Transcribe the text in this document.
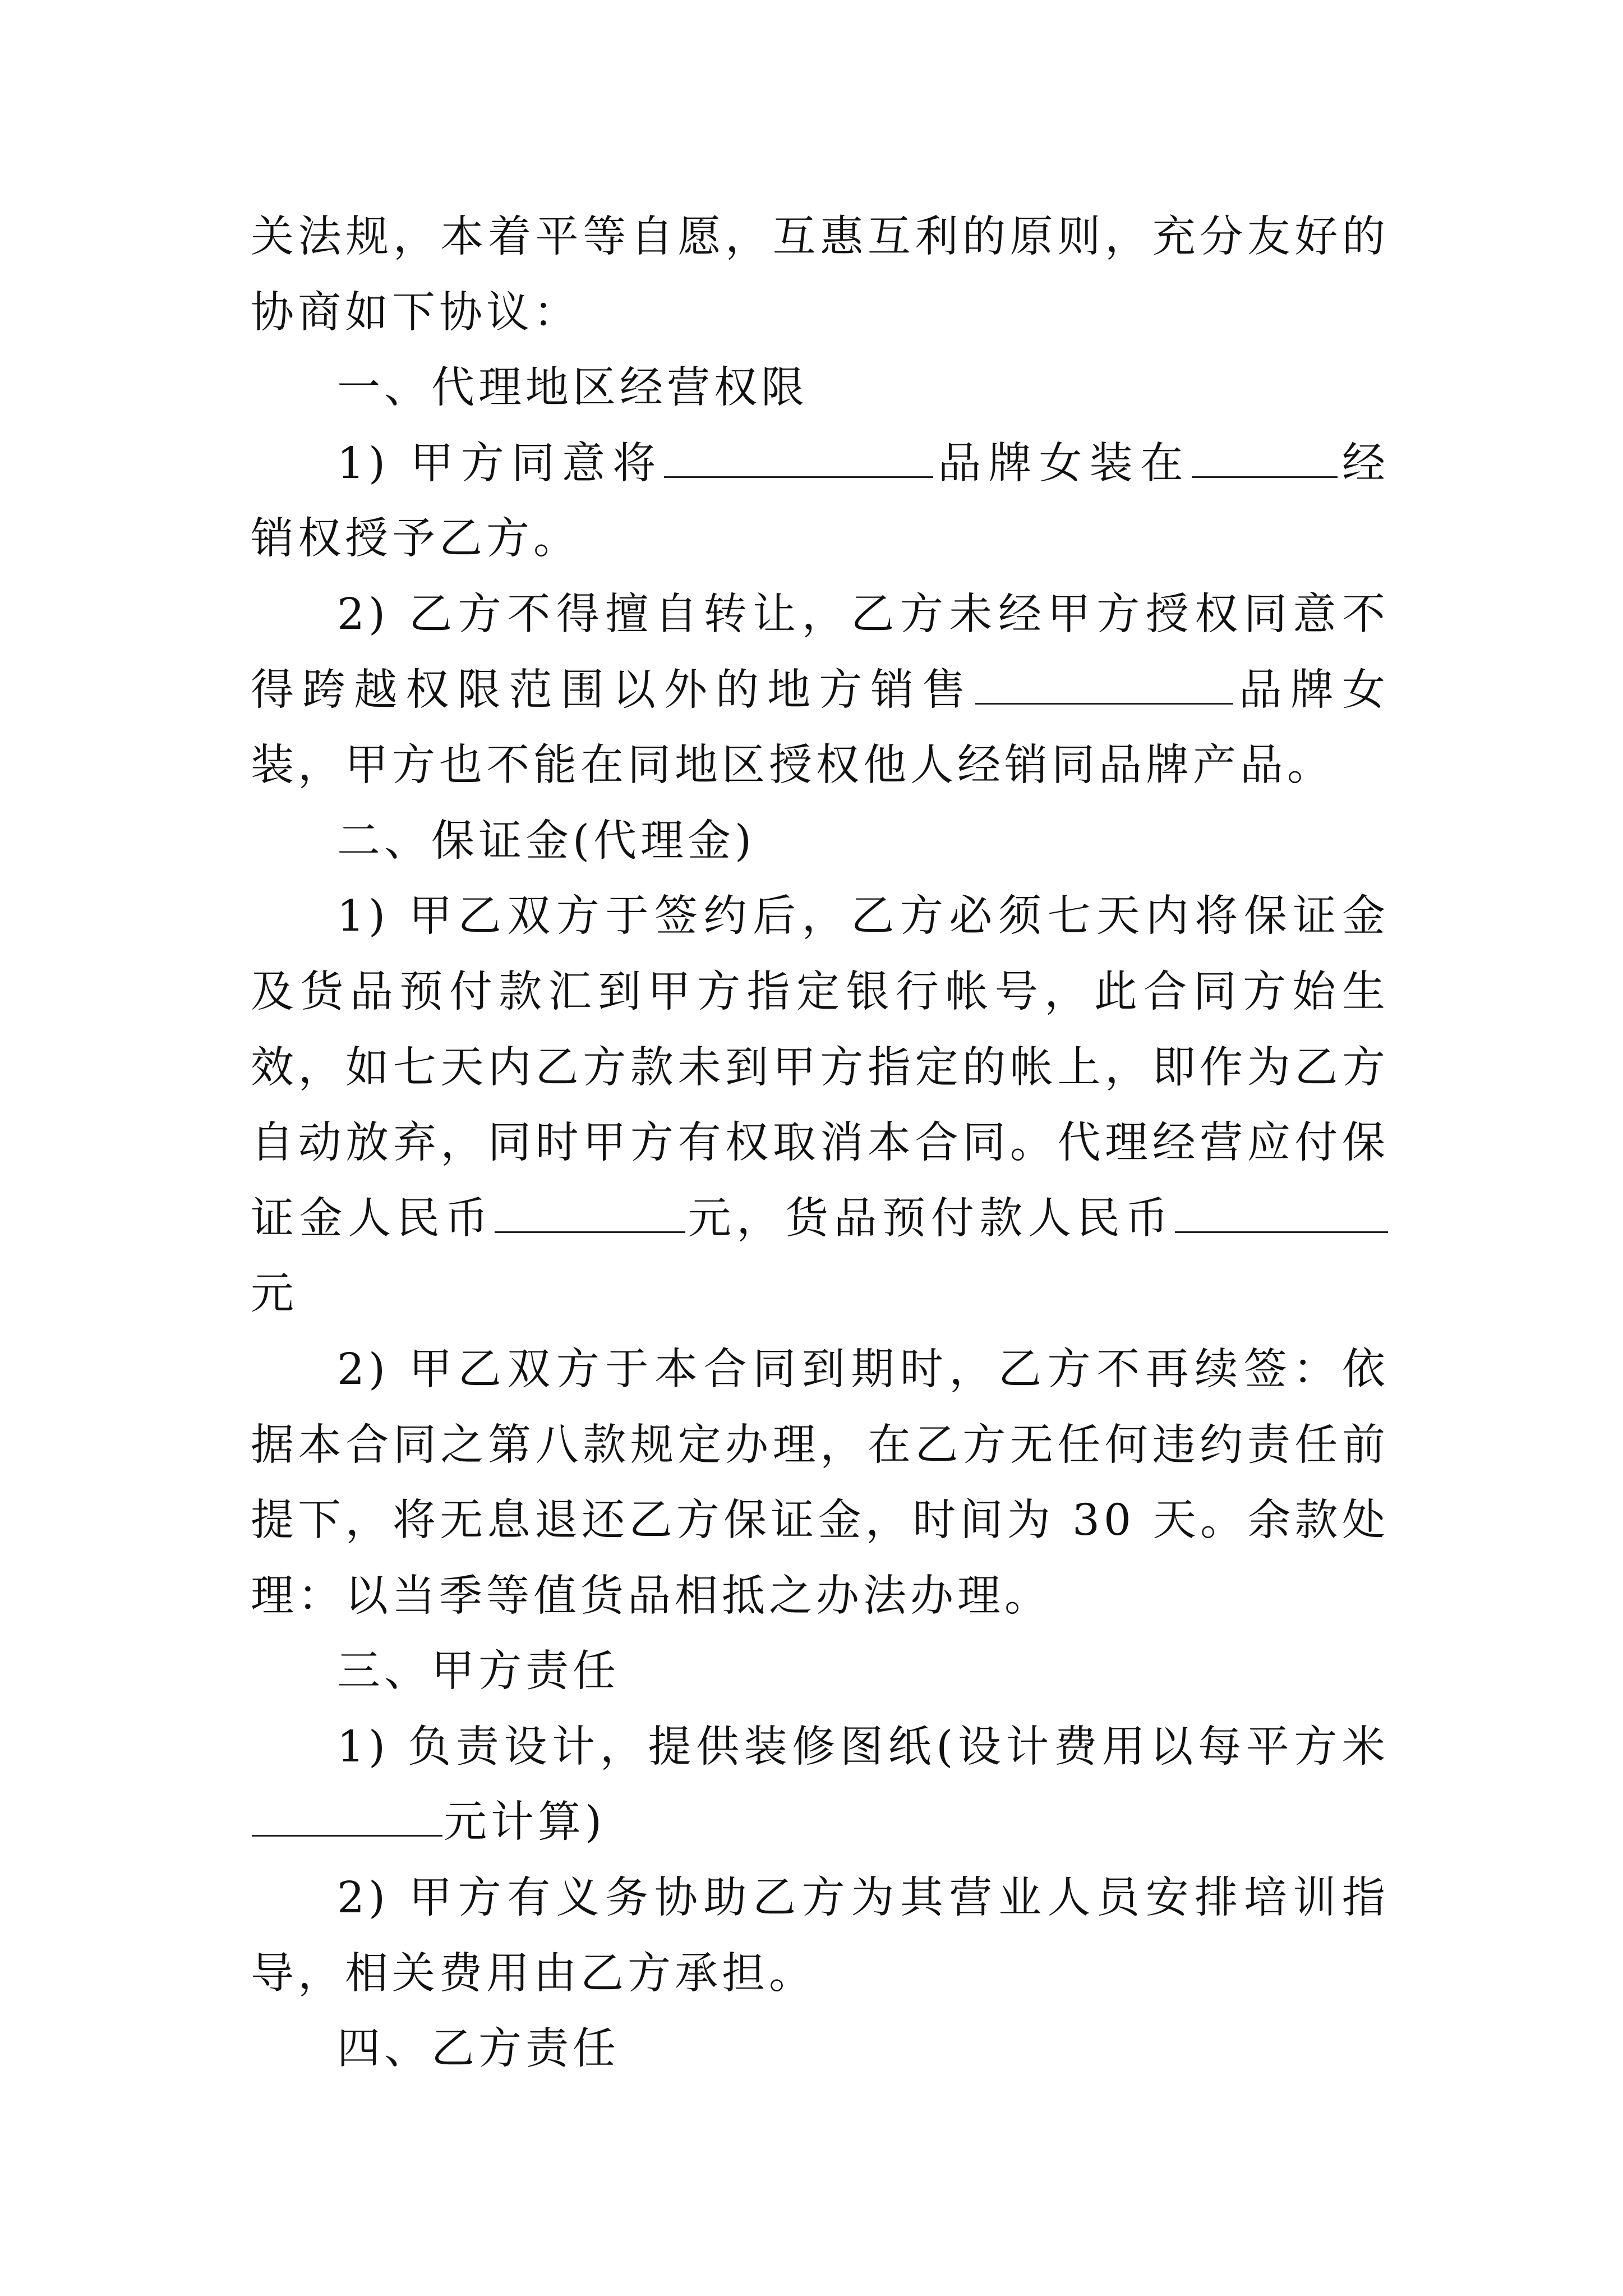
关法规，本着平等自愿，互惠互利的原则，充分友好的协商如下协议：

一、代理地区经营权限

1) 甲方同意将	品牌女装在	经销权授予乙方。

2) 乙方不得擅自转让，乙方未经甲方授权同意不得跨越权限范围以外的地方销售	品牌女装，甲方也不能在同地区授权他人经销同品牌产品。

二、保证金(代理金)

1) 甲乙双方于签约后，乙方必须七天内将保证金及货品预付款汇到甲方指定银行帐号，此合同方始生效，如七天内乙方款未到甲方指定的帐上，即作为乙方自动放弃，同时甲方有权取消本合同。代理经营应付保证金人民币	元，货品预付款人民币元

2) 甲乙双方于本合同到期时，乙方不再续签：依据本合同之第八款规定办理，在乙方无任何违约责任前提下，将无息退还乙方保证金，时间为 30 天。余款处理：以当季等值货品相抵之办法办理。

三、甲方责任

1) 负责设计，提供装修图纸(设计费用以每平方米元计算)

2) 甲方有义务协助乙方为其营业人员安排培训指导，相关费用由乙方承担。

四、乙方责任
